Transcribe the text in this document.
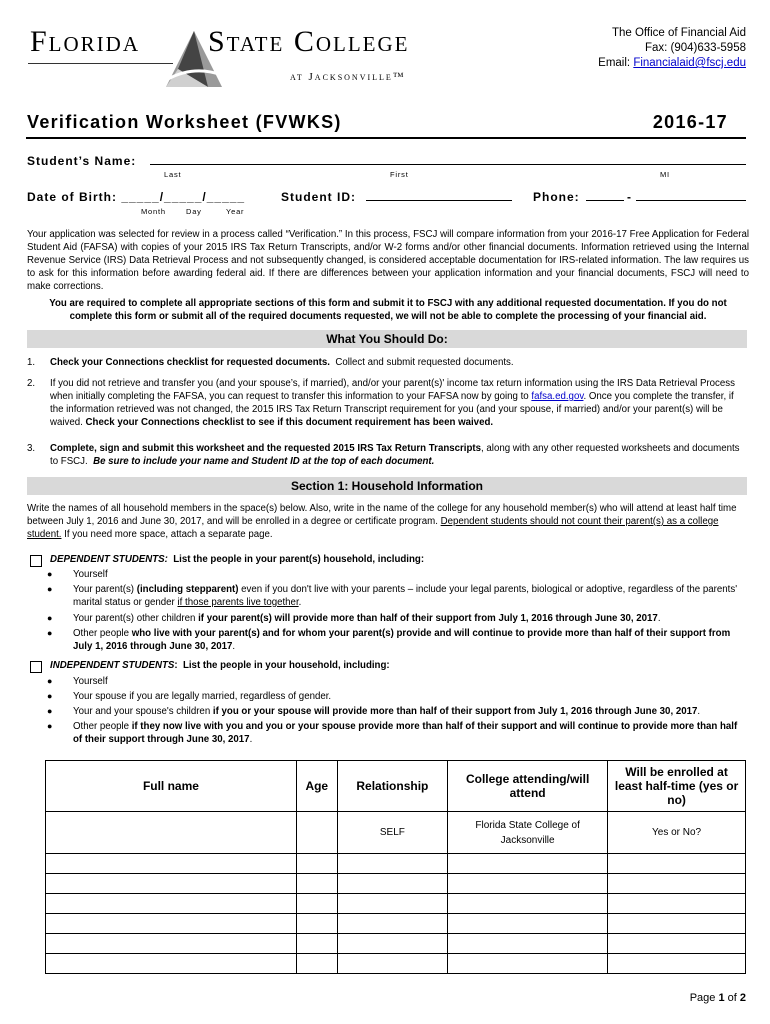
Florida State College
at Jacksonville™
The Office of Financial Aid
Fax: (904)633-5958
Email: Financialaid@fscj.edu
Verification Worksheet (FVWKS)	2016-17
Student’s Name:
Last	First	MI
Date of Birth: _____/_____/_____
Month	Day	Year
Student ID:	Phone:	-
Your application was selected for review in a process called “Verification.” In this process, FSCJ will compare information from your 2016-17 Free Application for Federal Student Aid (FAFSA) with copies of your 2015 IRS Tax Return Transcripts, and/or W-2 forms and/or other financial documents. Information retrieved using the Internal Revenue Service (IRS) Data Retrieval Process and not subsequently changed, is considered acceptable documentation for IRS-related information. The law requires us to ask for this information before awarding federal aid. If there are differences between your application information and your financial documents, FSCJ will need to make corrections.
You are required to complete all appropriate sections of this form and submit it to FSCJ with any additional requested documentation. If you do not complete this form or submit all of the required documents requested, we will not be able to complete the processing of your financial aid.
What You Should Do:
1. Check your Connections checklist for requested documents.  Collect and submit requested documents.
2. If you did not retrieve and transfer you (and your spouse’s, if married), and/or your parent(s)' income tax return information using the IRS Data Retrieval Process when initially completing the FAFSA, you can request to transfer this information to your FAFSA now by going to fafsa.ed.gov. Once you complete the transfer, if the information retrieved was not changed, the 2015 IRS Tax Return Transcript requirement for you (and your spouse, if married) and/or your parent(s) will be waived. Check your Connections checklist to see if this document requirement has been waived.
3. Complete, sign and submit this worksheet and the requested 2015 IRS Tax Return Transcripts, along with any other requested worksheets and documents to FSCJ.  Be sure to include your name and Student ID at the top of each document.
Section 1: Household Information
Write the names of all household members in the space(s) below. Also, write in the name of the college for any household member(s) who will attend at least half time between July 1, 2016 and June 30, 2017, and will be enrolled in a degree or certificate program. Dependent students should not count their parent(s) as a college student. If you need more space, attach a separate page.
DEPENDENT STUDENTS:  List the people in your parent(s) household, including:
● Yourself
● Your parent(s) (including stepparent) even if you don't live with your parents – include your legal parents, biological or adoptive, regardless of the parents' marital status or gender if those parents live together.
● Your parent(s) other children if your parent(s) will provide more than half of their support from July 1, 2016 through June 30, 2017.
● Other people who live with your parent(s) and for whom your parent(s) provide and will continue to provide more than half of their support from July 1, 2016 through June 30, 2017.
INDEPENDENT STUDENTS:  List the people in your household, including:
● Yourself
● Your spouse if you are legally married, regardless of gender.
● Your and your spouse's children if you or your spouse will provide more than half of their support from July 1, 2016 through June 30, 2017.
● Other people if they now live with you and you or your spouse provide more than half of their support and will continue to provide more than half of their support through June 30, 2017.
Full name	Age	Relationship	College attending/will attend	Will be enrolled at least half-time (yes or no)
		SELF	Florida State College of Jacksonville	Yes or No?

Page 1 of 2
